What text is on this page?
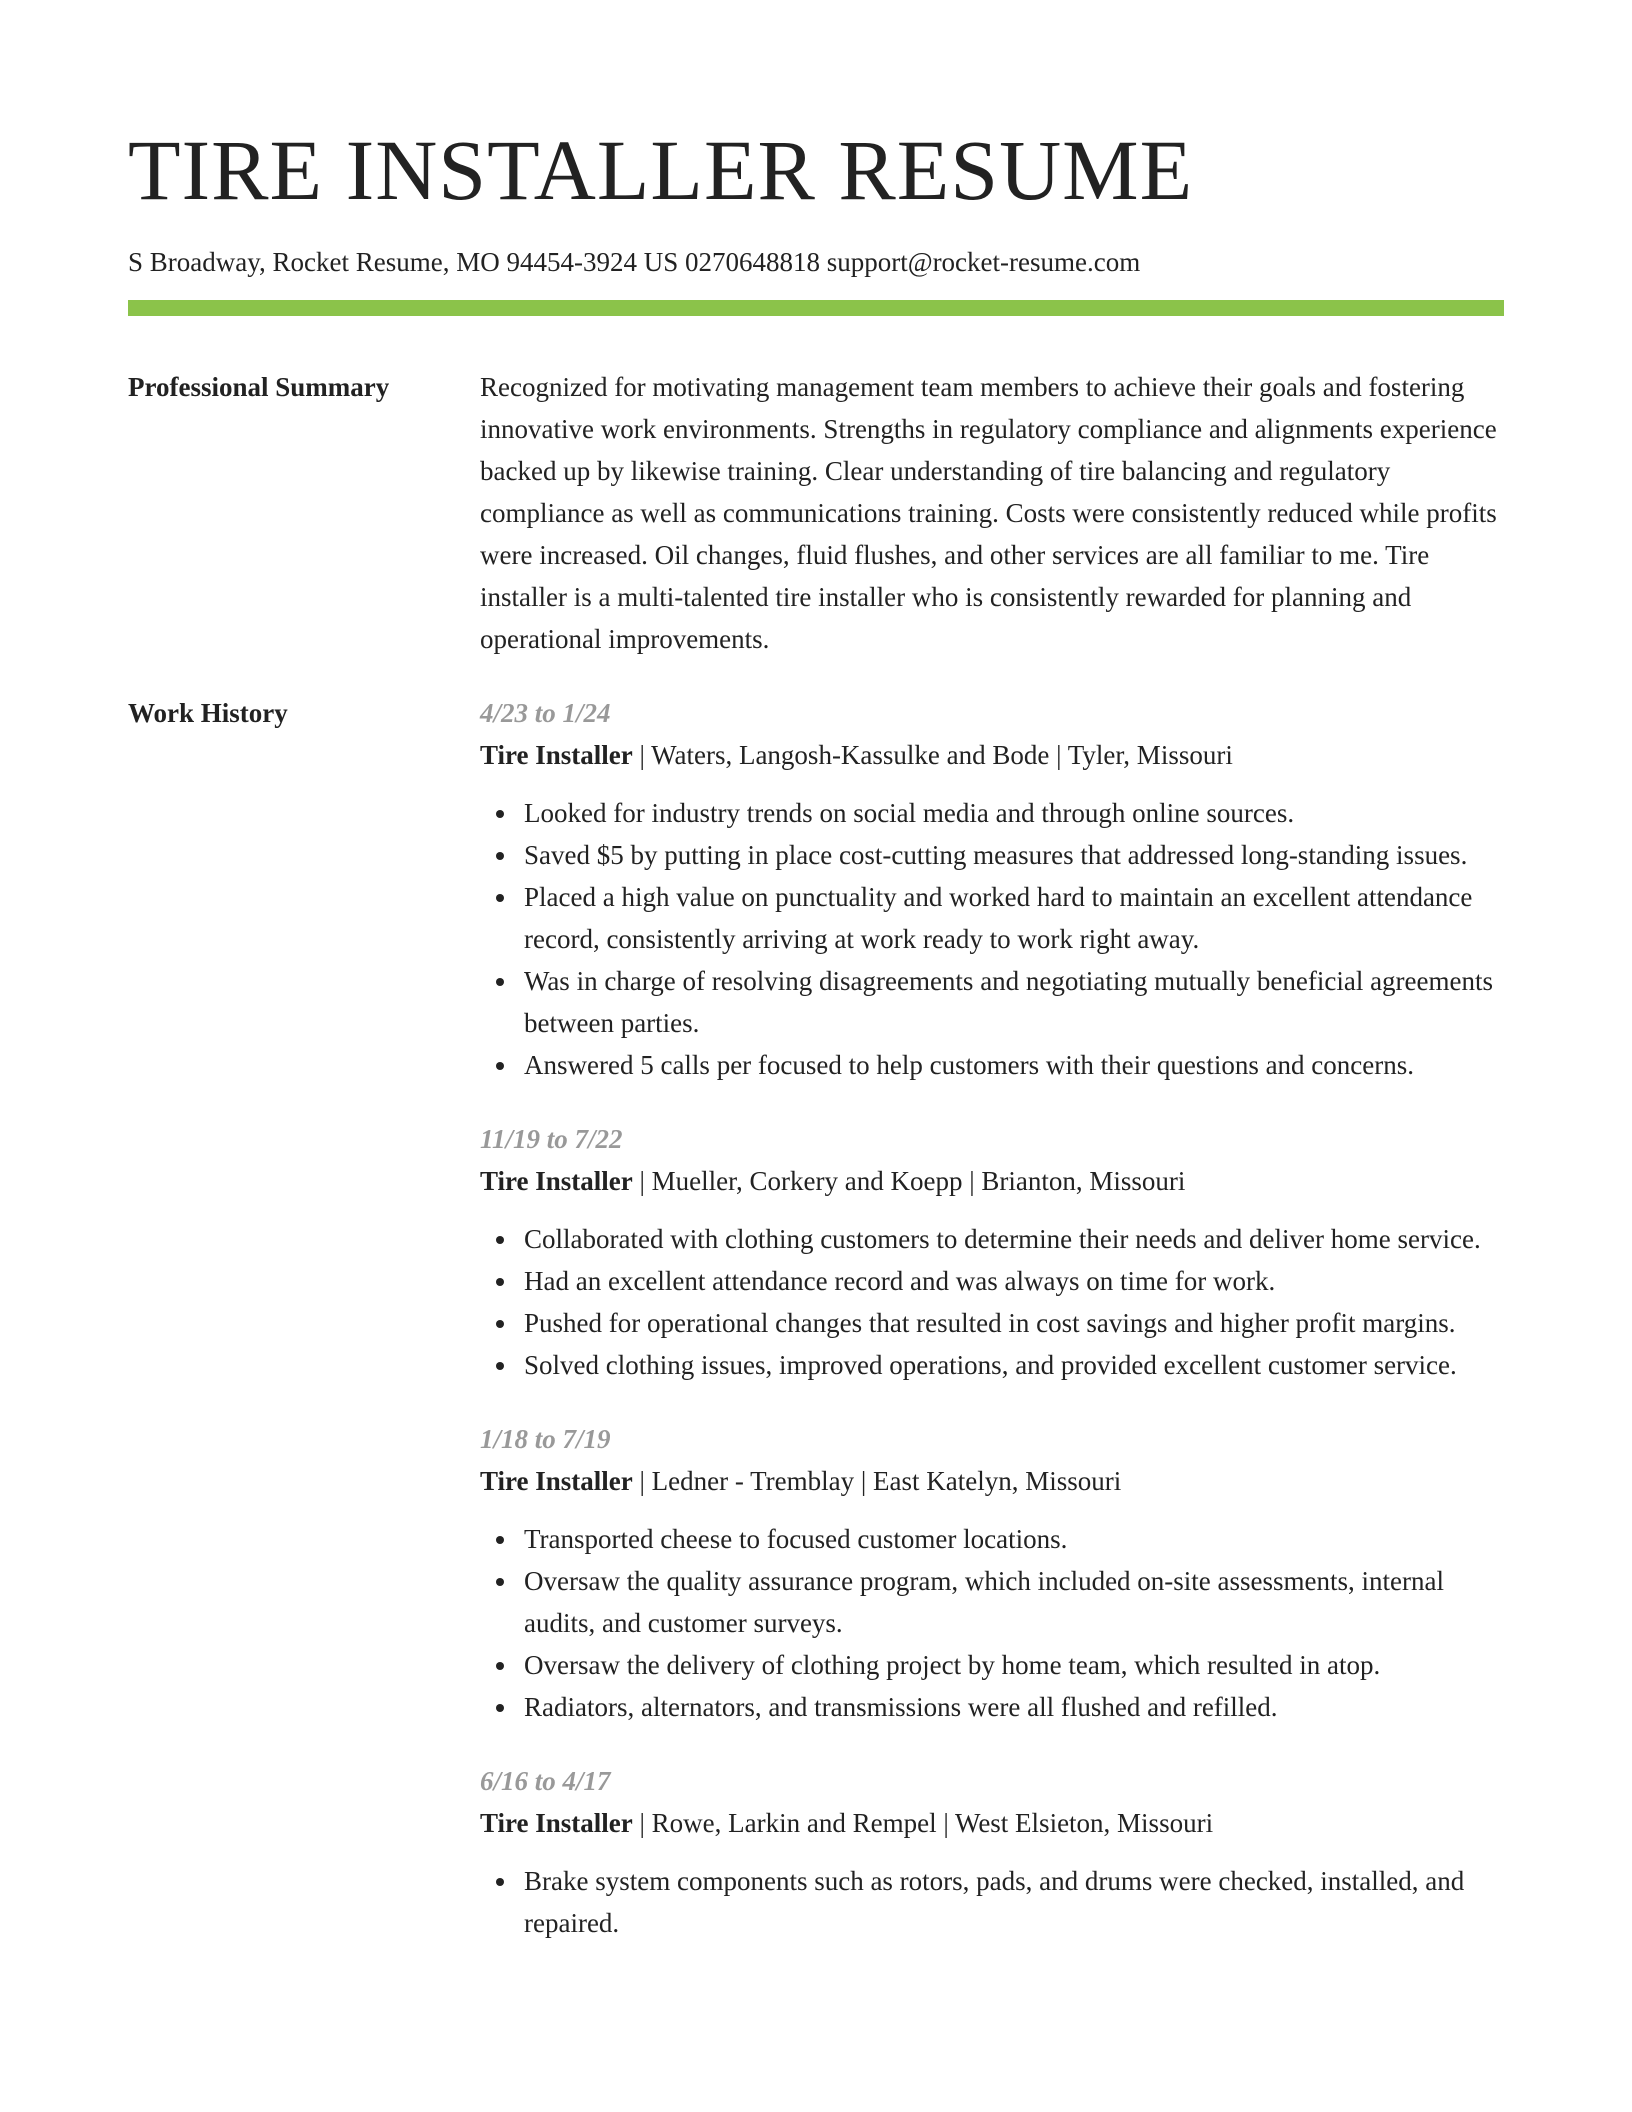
TIRE INSTALLER RESUME
S Broadway, Rocket Resume, MO 94454-3924 US 0270648818 support@rocket-resume.com
Professional Summary	Recognized for motivating management team members to achieve their goals and fostering innovative work environments. Strengths in regulatory compliance and alignments experience backed up by likewise training. Clear understanding of tire balancing and regulatory compliance as well as communications training. Costs were consistently reduced while profits were increased. Oil changes, fluid flushes, and other services are all familiar to me. Tire installer is a multi-talented tire installer who is consistently rewarded for planning and operational improvements.

Work History	4/23 to 1/24
Tire Installer | Waters, Langosh-Kassulke and Bode | Tyler, Missouri
Looked for industry trends on social media and through online sources.
Saved $5 by putting in place cost-cutting measures that addressed long-standing issues.
Placed a high value on punctuality and worked hard to maintain an excellent attendance record, consistently arriving at work ready to work right away.
Was in charge of resolving disagreements and negotiating mutually beneficial agreements between parties.
Answered 5 calls per focused to help customers with their questions and concerns.
11/19 to 7/22
Tire Installer | Mueller, Corkery and Koepp | Brianton, Missouri
Collaborated with clothing customers to determine their needs and deliver home service.
Had an excellent attendance record and was always on time for work.
Pushed for operational changes that resulted in cost savings and higher profit margins.
Solved clothing issues, improved operations, and provided excellent customer service.
1/18 to 7/19
Tire Installer | Ledner - Tremblay | East Katelyn, Missouri
Transported cheese to focused customer locations.
Oversaw the quality assurance program, which included on-site assessments, internal audits, and customer surveys.
Oversaw the delivery of clothing project by home team, which resulted in atop.
Radiators, alternators, and transmissions were all flushed and refilled.
6/16 to 4/17
Tire Installer | Rowe, Larkin and Rempel | West Elsieton, Missouri
Brake system components such as rotors, pads, and drums were checked, installed, and repaired.
